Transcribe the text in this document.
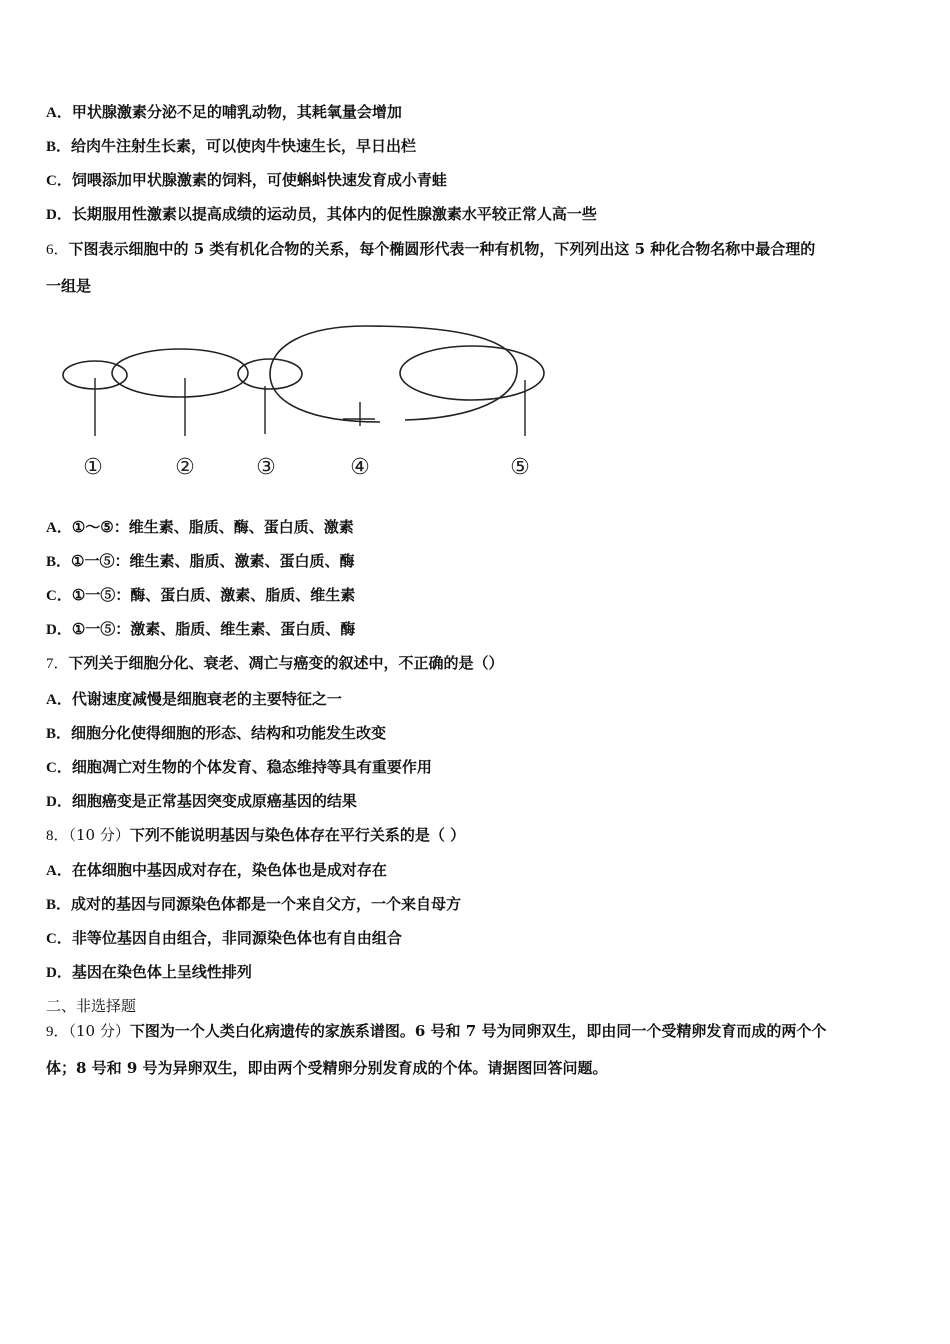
A．甲状腺激素分泌不足的哺乳动物，其耗氧量会增加
B．给肉牛注射生长素，可以使肉牛快速生长，早日出栏
C．饲喂添加甲状腺激素的饲料，可使蝌蚪快速发育成小青蛙
D．长期服用性激素以提高成绩的运动员，其体内的促性腺激素水平较正常人高一些
6．下图表示细胞中的 5 类有机化合物的关系，每个椭圆形代表一种有机物，下列列出这 5 种化合物名称中最合理的
一组是
①	②	③	④	⑤
A．①～⑤：维生素、脂质、酶、蛋白质、激素
B．①一⑤：维生素、脂质、激素、蛋白质、酶
C．①一⑤：酶、蛋白质、激素、脂质、维生素
D．①一⑤：激素、脂质、维生素、蛋白质、酶
7．下列关于细胞分化、衰老、凋亡与癌变的叙述中，不正确的是（）
A．代谢速度减慢是细胞衰老的主要特征之一
B．细胞分化使得细胞的形态、结构和功能发生改变
C．细胞凋亡对生物的个体发育、稳态维持等具有重要作用
D．细胞癌变是正常基因突变成原癌基因的结果
8．（10 分）下列不能说明基因与染色体存在平行关系的是（ ）
A．在体细胞中基因成对存在，染色体也是成对存在
B．成对的基因与同源染色体都是一个来自父方，一个来自母方
C．非等位基因自由组合，非同源染色体也有自由组合
D．基因在染色体上呈线性排列
二、非选择题
9．（10 分）下图为一个人类白化病遗传的家族系谱图。6 号和 7 号为同卵双生，即由同一个受精卵发育而成的两个个
体；8 号和 9 号为异卵双生，即由两个受精卵分别发育成的个体。请据图回答问题。
